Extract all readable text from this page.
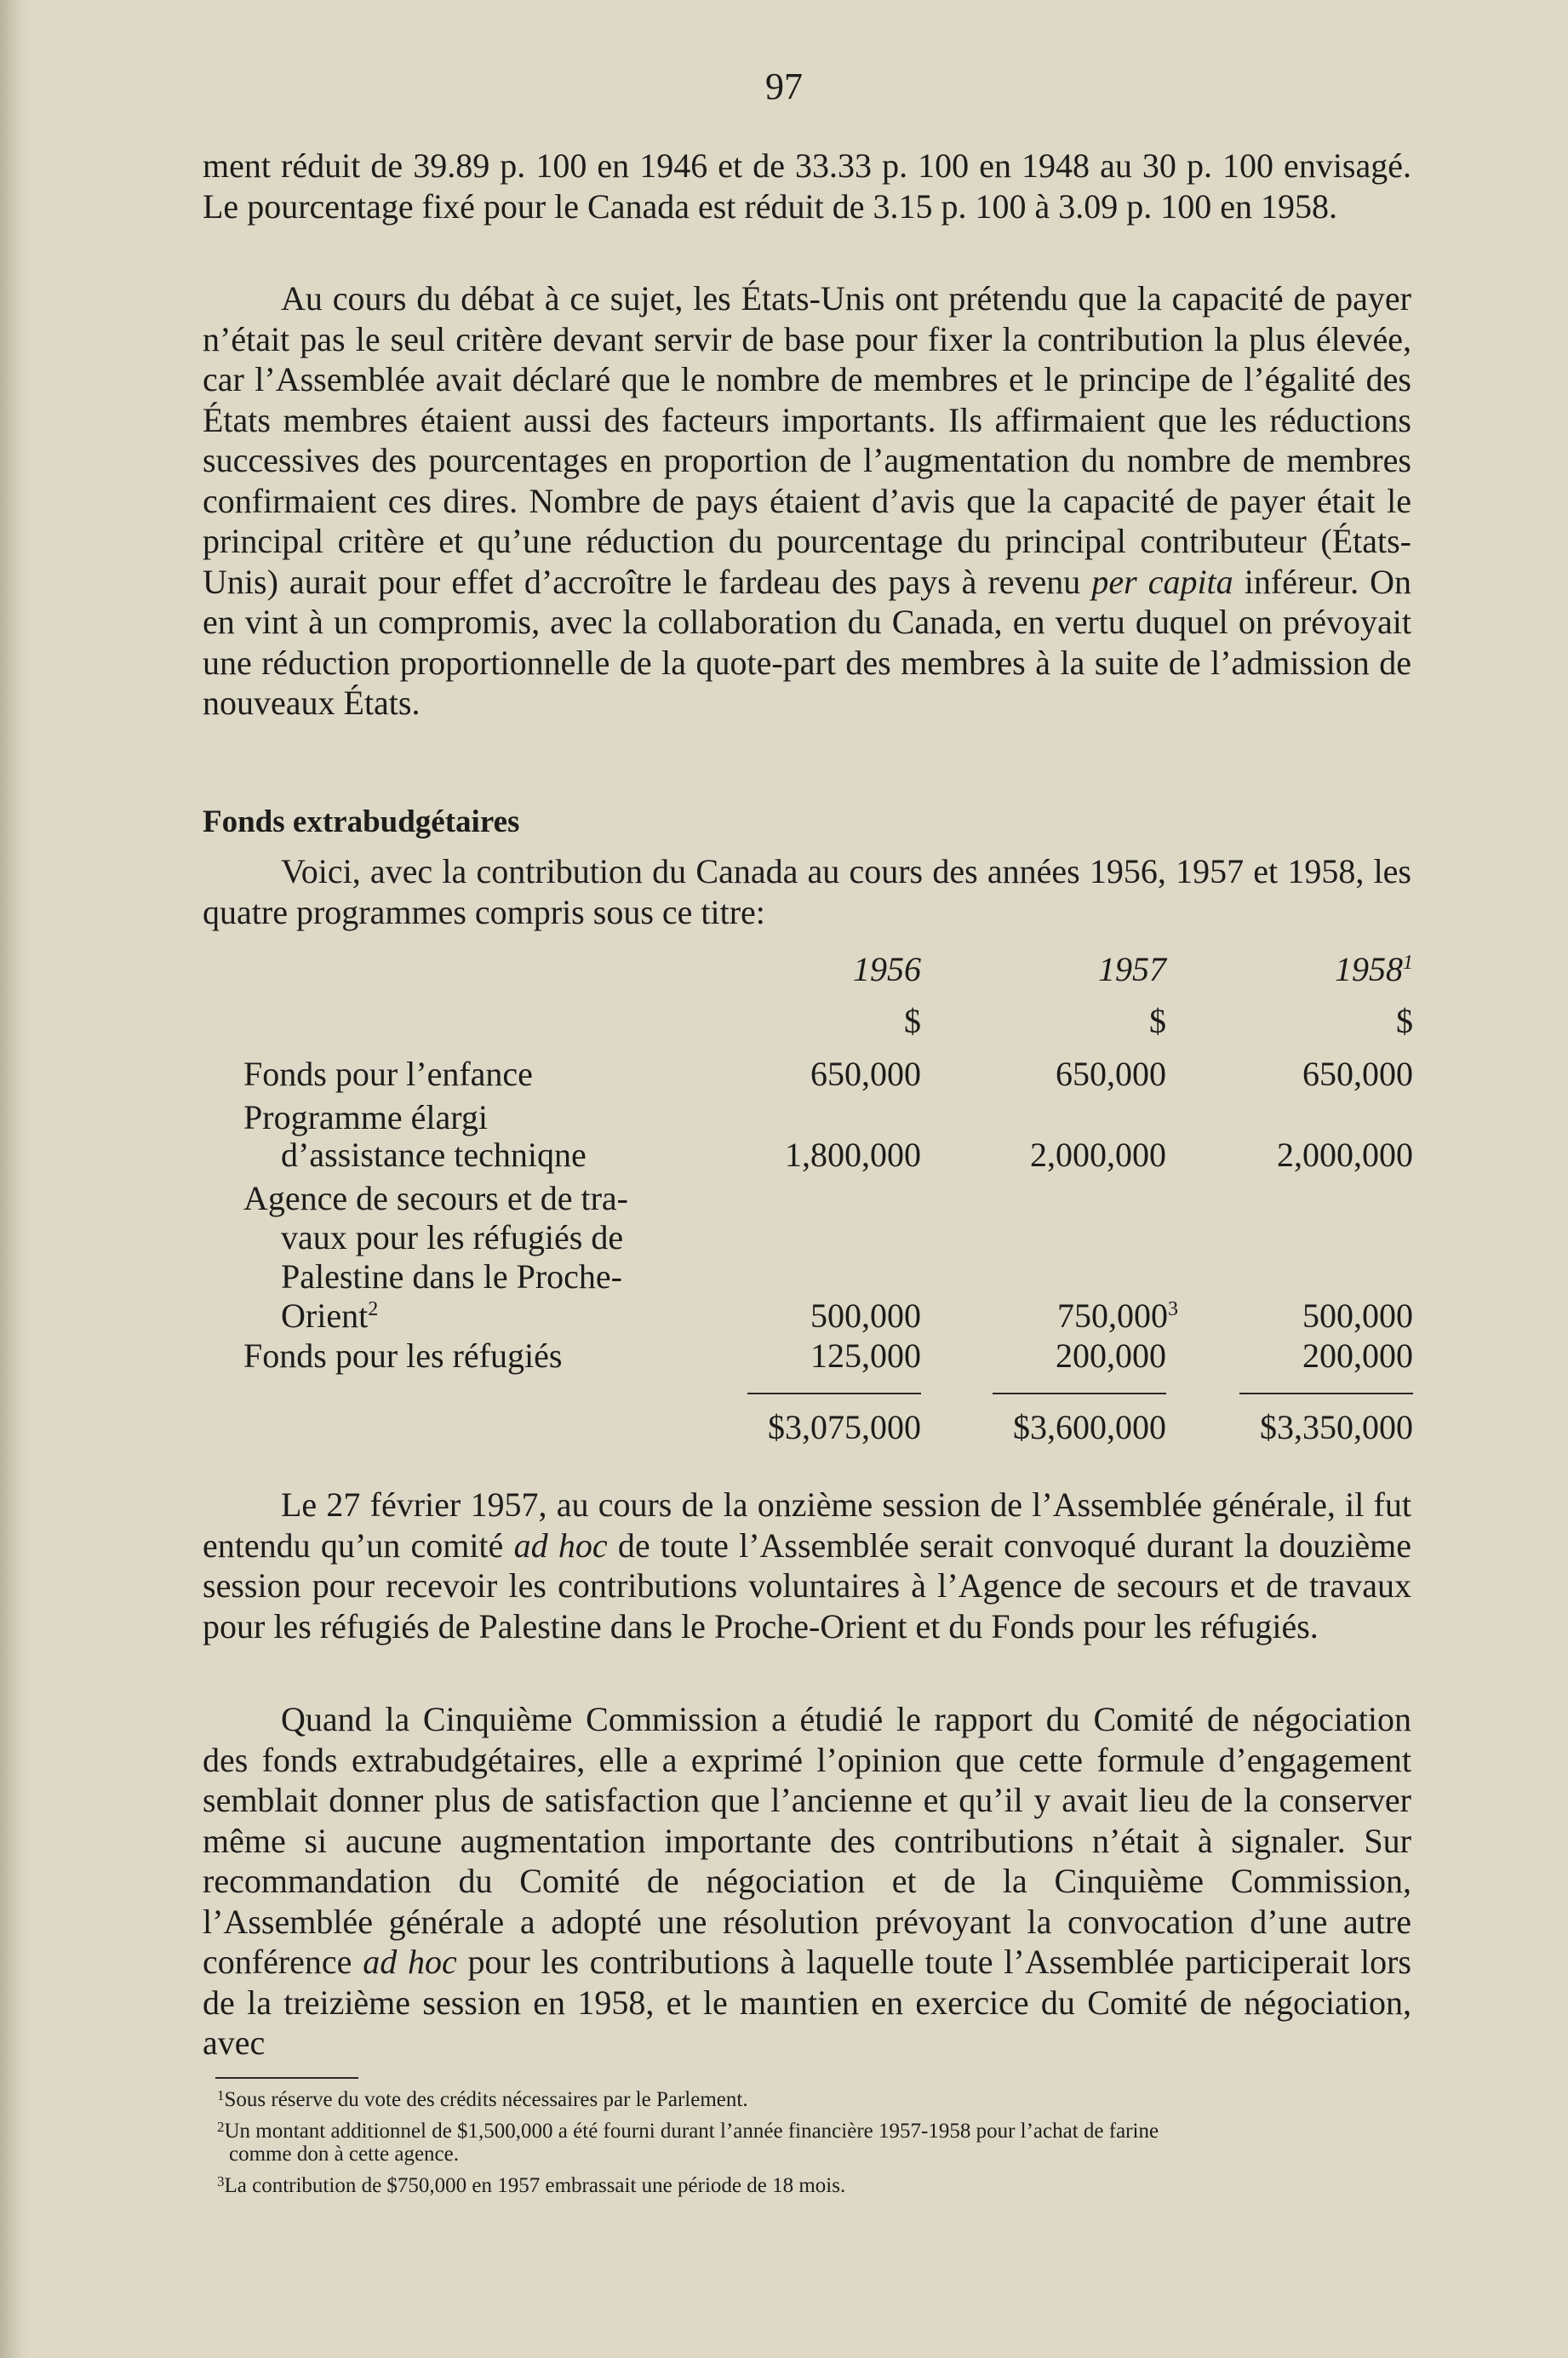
97

ment réduit de 39.89 p. 100 en 1946 et de 33.33 p. 100 en 1948 au 30 p. 100 envisagé. Le pourcentage fixé pour le Canada est réduit de 3.15 p. 100 à 3.09 p. 100 en 1958.

Au cours du débat à ce sujet, les États-Unis ont prétendu que la capacité de payer n’était pas le seul critère devant servir de base pour fixer la contribution la plus élevée, car l’Assemblée avait déclaré que le nombre de membres et le principe de l’égalité des États membres étaient aussi des facteurs importants. Ils affirmaient que les réductions successives des pourcentages en proportion de l’augmentation du nombre de membres confirmaient ces dires. Nombre de pays étaient d’avis que la capacité de payer était le principal critère et qu’une réduction du pourcentage du principal contributeur (États-Unis) aurait pour effet d’accroître le fardeau des pays à revenu per capita inféreur. On en vint à un compromis, avec la collaboration du Canada, en vertu duquel on prévoyait une réduction proportionnelle de la quote-part des membres à la suite de l’admission de nouveaux États.

Fonds extrabudgétaires

Voici, avec la contribution du Canada au cours des années 1956, 1957 et 1958, les quatre programmes compris sous ce titre:

1956	1957	1958$^1$
$	$	$
Fonds pour l’enfance	650,000	650,000	650,000
Programme élargi
d’assistance techniqne	1,800,000	2,000,000	2,000,000
Agence de secours et de tra-
vaux pour les réfugiés de
Palestine dans le Proche-
Orient$^2$	500,000	750,000$^3$	500,000
Fonds pour les réfugiés	125,000	200,000	200,000
$3,075,000	$3,600,000	$3,350,000

Le 27 février 1957, au cours de la onzième session de l’Assemblée générale, il fut entendu qu’un comité ad hoc de toute l’Assemblée serait convoqué durant la douzième session pour recevoir les contributions voluntaires à l’Agence de secours et de travaux pour les réfugiés de Palestine dans le Proche-Orient et du Fonds pour les réfugiés.

Quand la Cinquième Commission a étudié le rapport du Comité de négociation des fonds extrabudgétaires, elle a exprimé l’opinion que cette formule d’engagement semblait donner plus de satisfaction que l’ancienne et qu’il y avait lieu de la conserver même si aucune augmentation importante des contributions n’était à signaler. Sur recommandation du Comité de négociation et de la Cinquième Commission, l’Assemblée générale a adopté une résolution prévoyant la convocation d’une autre conférence ad hoc pour les contributions à laquelle toute l’Assemblée participerait lors de la treizième session en 1958, et le maıntien en exercice du Comité de négociation, avec

$^1$Sous réserve du vote des crédits nécessaires par le Parlement.

$^2$Un montant additionnel de $1,500,000 a été fourni durant l’année financière 1957-1958 pour l’achat de farine
comme don à cette agence.

$^3$La contribution de $750,000 en 1957 embrassait une période de 18 mois.
